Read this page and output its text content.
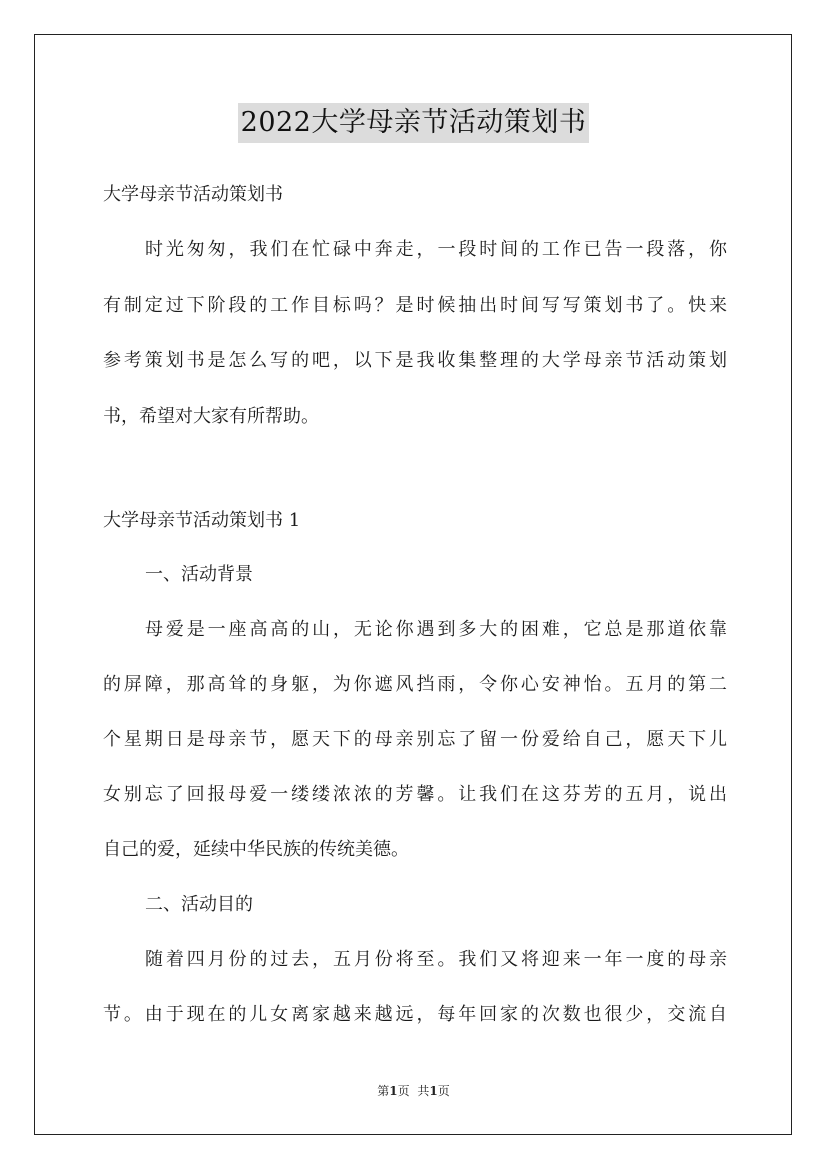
2022大学母亲节活动策划书

大学母亲节活动策划书

时光匆匆，我们在忙碌中奔走，一段时间的工作已告一段落，你

有制定过下阶段的工作目标吗？是时候抽出时间写写策划书了。快来

参考策划书是怎么写的吧，以下是我收集整理的大学母亲节活动策划

书，希望对大家有所帮助。

大学母亲节活动策划书 1

一、活动背景

母爱是一座高高的山，无论你遇到多大的困难，它总是那道依靠

的屏障，那高耸的身躯，为你遮风挡雨，令你心安神怡。五月的第二

个星期日是母亲节，愿天下的母亲别忘了留一份爱给自己，愿天下儿

女别忘了回报母爱一缕缕浓浓的芳馨。让我们在这芬芳的五月，说出

自己的爱，延续中华民族的传统美德。

二、活动目的

随着四月份的过去，五月份将至。我们又将迎来一年一度的母亲

节。由于现在的儿女离家越来越远，每年回家的次数也很少，交流自

第1页 共1页
